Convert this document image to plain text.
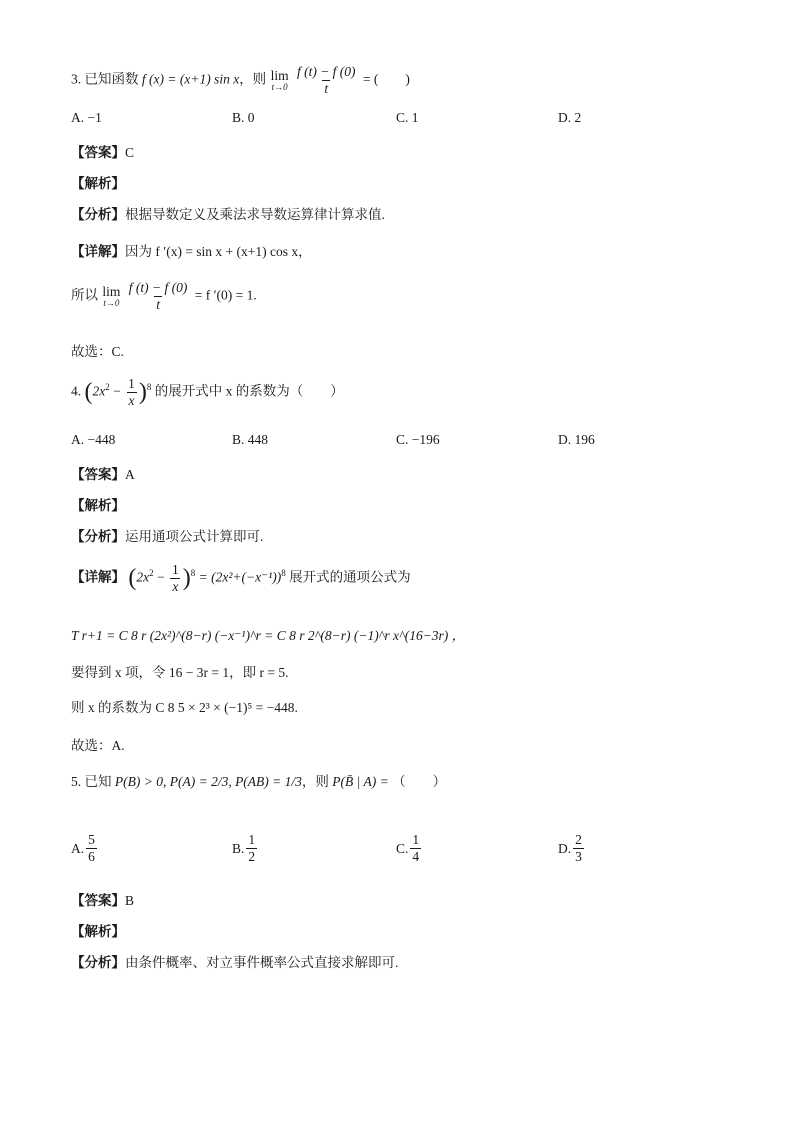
3. 已知函数 f (x) = (x+1) sin x，则 lim
t→0
$\frac{f (t) - f (0)}{t}$ = (　　)
A. −1	B. 0	C. 1	D. 2
【答案】C
【解析】
【分析】根据导数定义及乘法求导数运算律计算求值.
【详解】因为 f ′(x) = sin x + (x+1) cos x，
所以 lim
t→0
$\frac{f (t) - f (0)}{t} = f$ ′(0) = 1.
故选：C.
4. $(2x^2 - \frac{1}{x} )^8$ 的展开式中 x 的系数为（　　）
A. −448	B. 448	C. −196	D. 196
【答案】A
【解析】
【分析】运用通项公式计算即可.
【详解】 $(2x^2 - \frac{1}{x} )^8 = (2x^2+(-x^{-1}))^8$ 展开式的通项公式为
T r+1 = C 8 r (2x²)^(8−r) (−x⁻¹)^r = C 8 r 2^(8−r) (−1)^r x^(16−3r) ，
要得到 x 项，令 16 − 3r = 1，即 r = 5.
则 x 的系数为 C 8 5 × 2³ × (−1)⁵ = −448.
故选：A.
5. 已知 P(B) > 0, P(A) = 2/3, P(AB) = 1/3，则 P(B̄ | A) = （　　）
A. $\frac{5}{6}$	B. $\frac{1}{2}$	C. $\frac{1}{4}$	D. $\frac{2}{3}$
【答案】B
【解析】
【分析】由条件概率、对立事件概率公式直接求解即可.
